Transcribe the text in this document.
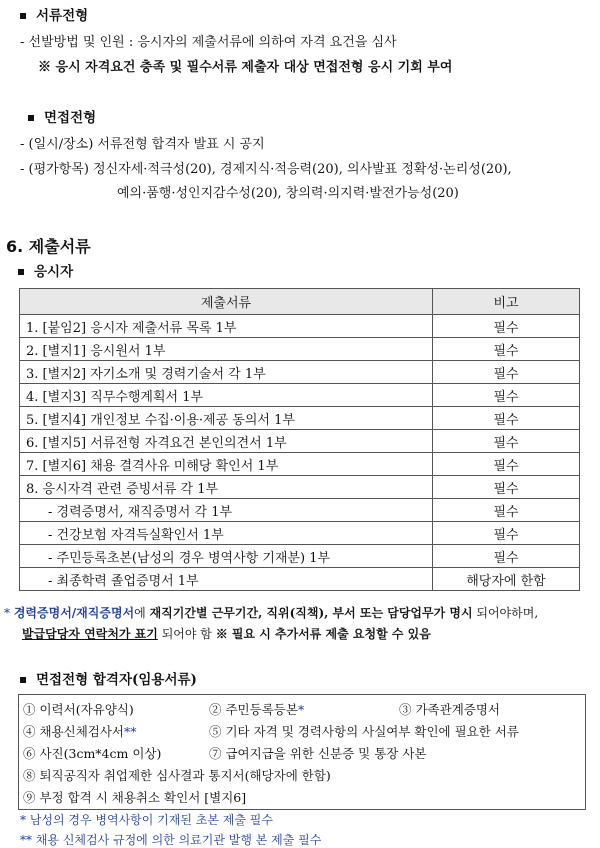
서류전형
- 선발방법 및 인원 : 응시자의 제출서류에 의하여 자격 요건을 심사
※ 응시 자격요건 충족 및 필수서류 제출자 대상 면접전형 응시 기회 부여
면접전형
- (일시/장소) 서류전형 합격자 발표 시 공지
- (평가항목) 정신자세·적극성(20), 경제지식·적응력(20), 의사발표 정확성·논리성(20),
예의·품행·성인지감수성(20), 창의력·의지력·발전가능성(20)
6. 제출서류
응시자
제출서류	비고
1. [붙임2] 응시자 제출서류 목록 1부	필수
2. [별지1] 응시원서 1부	필수
3. [별지2] 자기소개 및 경력기술서 각 1부	필수
4. [별지3] 직무수행계획서 1부	필수
5. [별지4] 개인정보 수집·이용·제공 동의서 1부	필수
6. [별지5] 서류전형 자격요건 본인의견서 1부	필수
7. [별지6] 채용 결격사유 미해당 확인서 1부	필수
8. 응시자격 관련 증빙서류 각 1부	필수
- 경력증명서, 재직증명서 각 1부	필수
- 건강보험 자격득실확인서 1부	필수
- 주민등록초본(남성의 경우 병역사항 기재분) 1부	필수
- 최종학력 졸업증명서 1부	해당자에 한함
* 경력증명서/재직증명서에 재직기간별 근무기간, 직위(직책), 부서 또는 담당업무가 명시 되어야하며,
발급담당자 연락처가 표기 되어야 함 ※ 필요 시 추가서류 제출 요청할 수 있음
면접전형 합격자(임용서류)
① 이력서(자유양식)	② 주민등록등본*	③ 가족관계증명서
④ 채용신체검사서**	⑤ 기타 자격 및 경력사항의 사실여부 확인에 필요한 서류
⑥ 사진(3cm*4cm 이상)	⑦ 급여지급을 위한 신분증 및 통장 사본
⑧ 퇴직공직자 취업제한 심사결과 통지서(해당자에 한함)
⑨ 부정 합격 시 채용취소 확인서 [별지6]
* 남성의 경우 병역사항이 기재된 초본 제출 필수
** 채용 신체검사 규정에 의한 의료기관 발행 본 제출 필수
